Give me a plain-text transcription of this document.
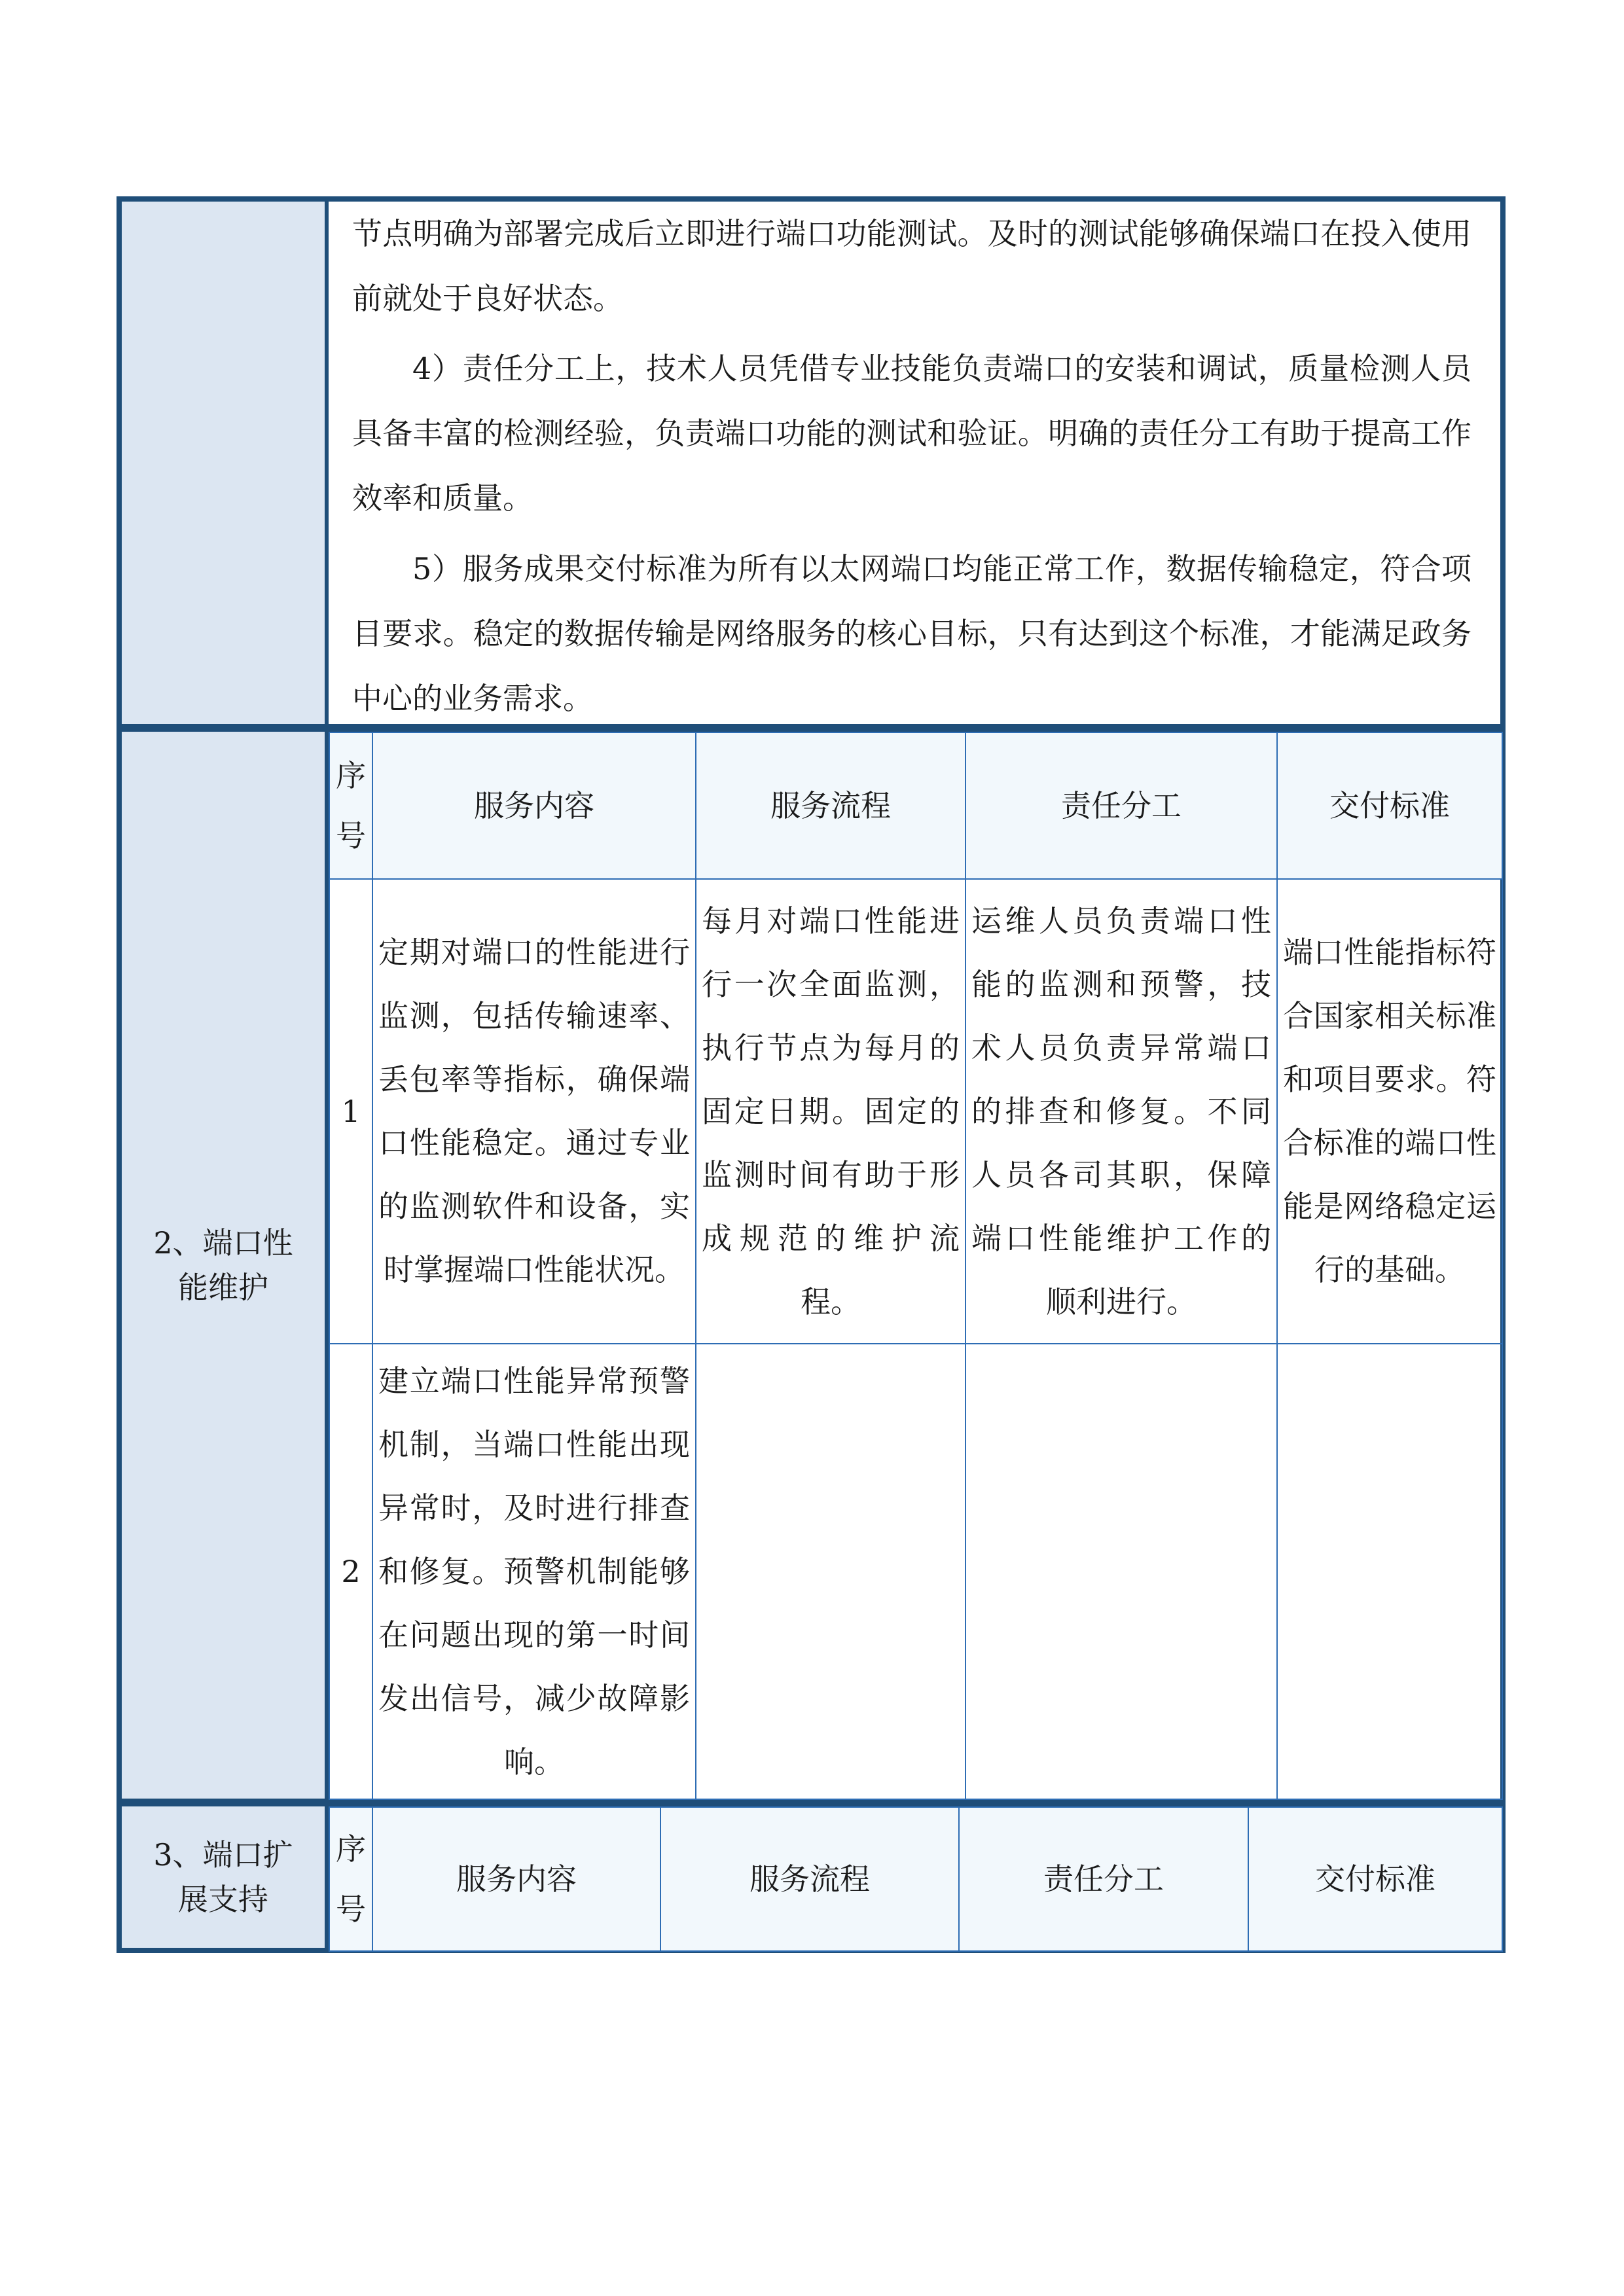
节点明确为部署完成后立即进行端口功能测试。及时的测试能够确保端口在投入使用前就处于良好状态。
4）责任分工上，技术人员凭借专业技能负责端口的安装和调试，质量检测人员具备丰富的检测经验，负责端口功能的测试和验证。明确的责任分工有助于提高工作效率和质量。
5）服务成果交付标准为所有以太网端口均能正常工作，数据传输稳定，符合项目要求。稳定的数据传输是网络服务的核心目标，只有达到这个标准，才能满足政务中心的业务需求。
2、端口性
能维护
序号	服务内容	服务流程	责任分工	交付标准
1	定期对端口的性能进行监测，包括传输速率、丢包率等指标，确保端口性能稳定。通过专业的监测软件和设备，实时掌握端口性能状况。	每月对端口性能进行一次全面监测，执行节点为每月的固定日期。固定的监测时间有助于形成规范的维护流程。	运维人员负责端口性能的监测和预警，技术人员负责异常端口的排查和修复。不同人员各司其职，保障端口性能维护工作的顺利进行。	端口性能指标符合国家相关标准和项目要求。符合标准的端口性能是网络稳定运行的基础。

2	建立端口性能异常预警机制，当端口性能出现异常时，及时进行排查和修复。预警机制能够在问题出现的第一时间发出信号，减少故障影响。			

3、端口扩
展支持
序号	服务内容	服务流程	责任分工	交付标准
